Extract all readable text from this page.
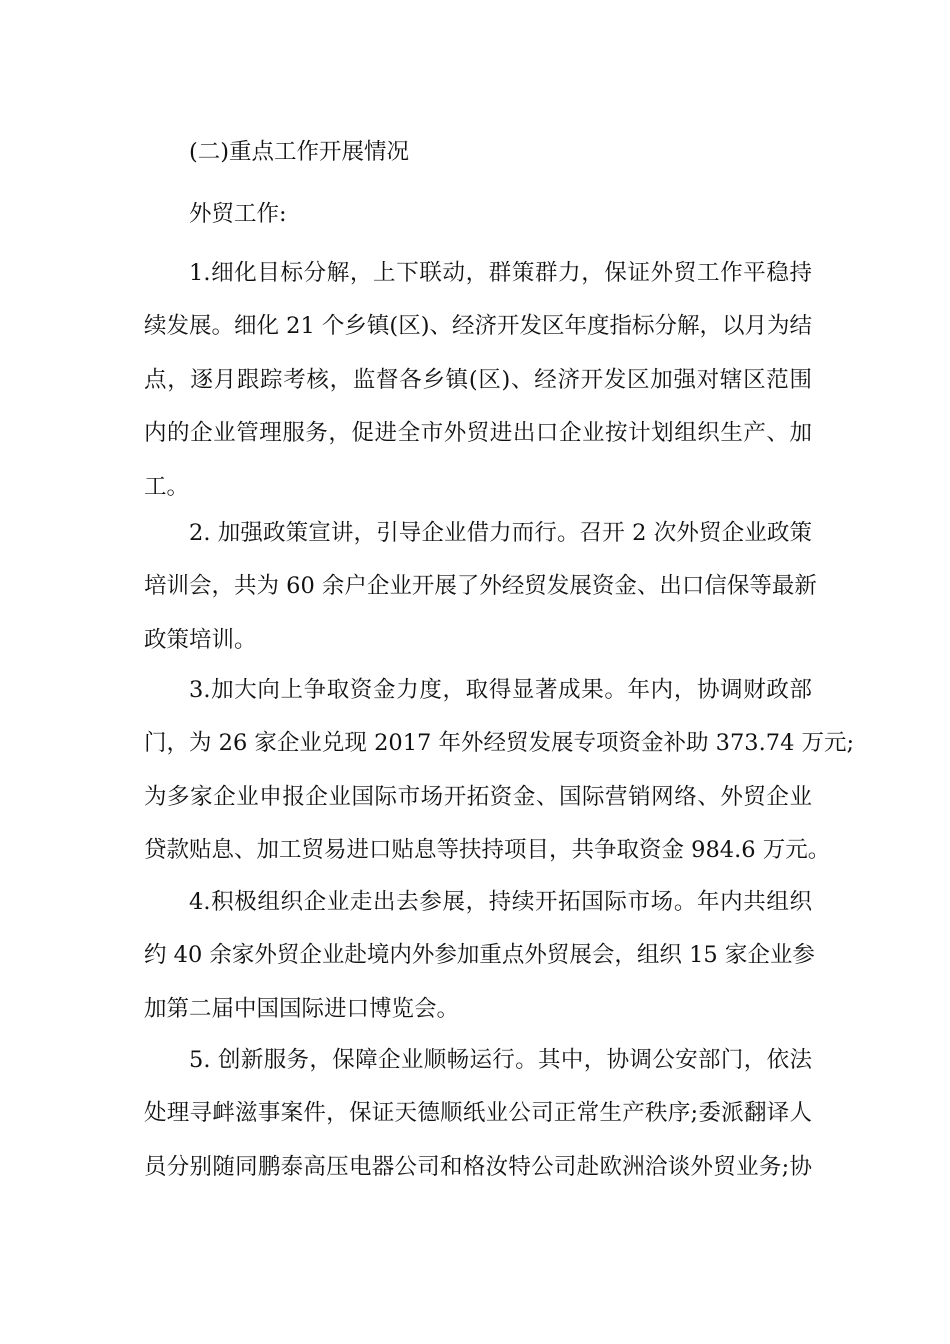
(二)重点工作开展情况
外贸工作:
1.细化目标分解，上下联动，群策群力，保证外贸工作平稳持
续发展。细化 21 个乡镇(区)、经济开发区年度指标分解，以月为结
点，逐月跟踪考核，监督各乡镇(区)、经济开发区加强对辖区范围
内的企业管理服务，促进全市外贸进出口企业按计划组织生产、加
工。
2. 加强政策宣讲，引导企业借力而行。召开 2 次外贸企业政策
培训会，共为 60 余户企业开展了外经贸发展资金、出口信保等最新
政策培训。
3.加大向上争取资金力度，取得显著成果。年内，协调财政部
门，为 26 家企业兑现 2017 年外经贸发展专项资金补助 373.74 万元;
为多家企业申报企业国际市场开拓资金、国际营销网络、外贸企业
贷款贴息、加工贸易进口贴息等扶持项目，共争取资金 984.6 万元。
4.积极组织企业走出去参展，持续开拓国际市场。年内共组织
约 40 余家外贸企业赴境内外参加重点外贸展会，组织 15 家企业参
加第二届中国国际进口博览会。
5. 创新服务，保障企业顺畅运行。其中，协调公安部门，依法
处理寻衅滋事案件，保证天德顺纸业公司正常生产秩序;委派翻译人
员分别随同鹏泰高压电器公司和格汝特公司赴欧洲洽谈外贸业务;协
